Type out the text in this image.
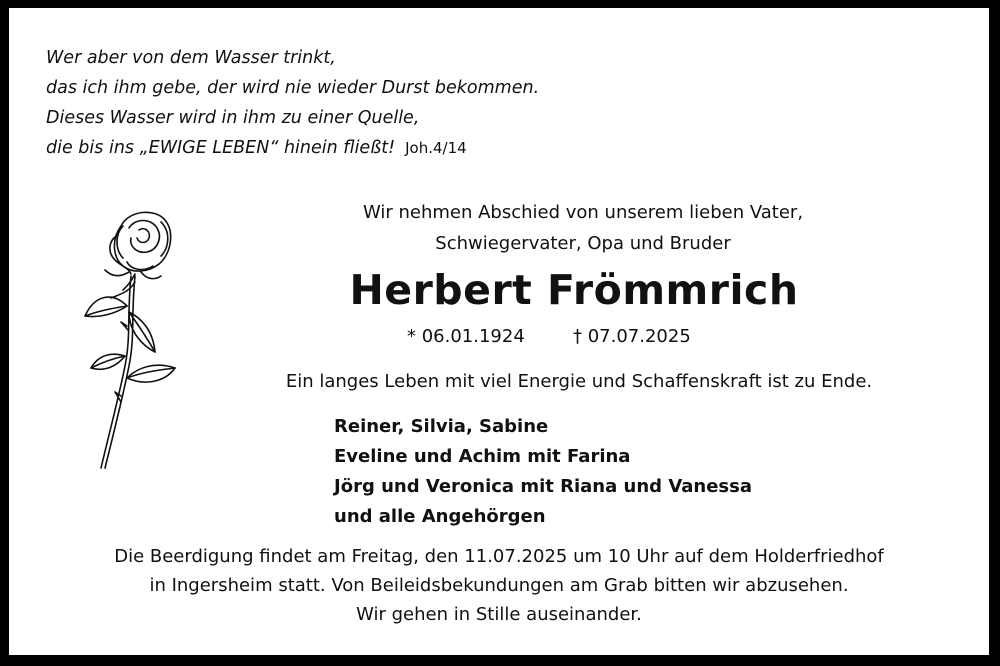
Wer aber von dem Wasser trinkt,
das ich ihm gebe, der wird nie wieder Durst bekommen.
Dieses Wasser wird in ihm zu einer Quelle,
die bis ins „EWIGE LEBEN“ hinein fließt! Joh.4/14
Wir nehmen Abschied von unserem lieben Vater,
Schwiegervater, Opa und Bruder
Herbert Frömmrich
* 06.01.1924	† 07.07.2025
Ein langes Leben mit viel Energie und Schaffenskraft ist zu Ende.
Reiner, Silvia, Sabine
Eveline und Achim mit Farina
Jörg und Veronica mit Riana und Vanessa
und alle Angehörgen
Die Beerdigung findet am Freitag, den 11.07.2025 um 10 Uhr auf dem Holderfriedhof
in Ingersheim statt. Von Beileidsbekundungen am Grab bitten wir abzusehen.
Wir gehen in Stille auseinander.
